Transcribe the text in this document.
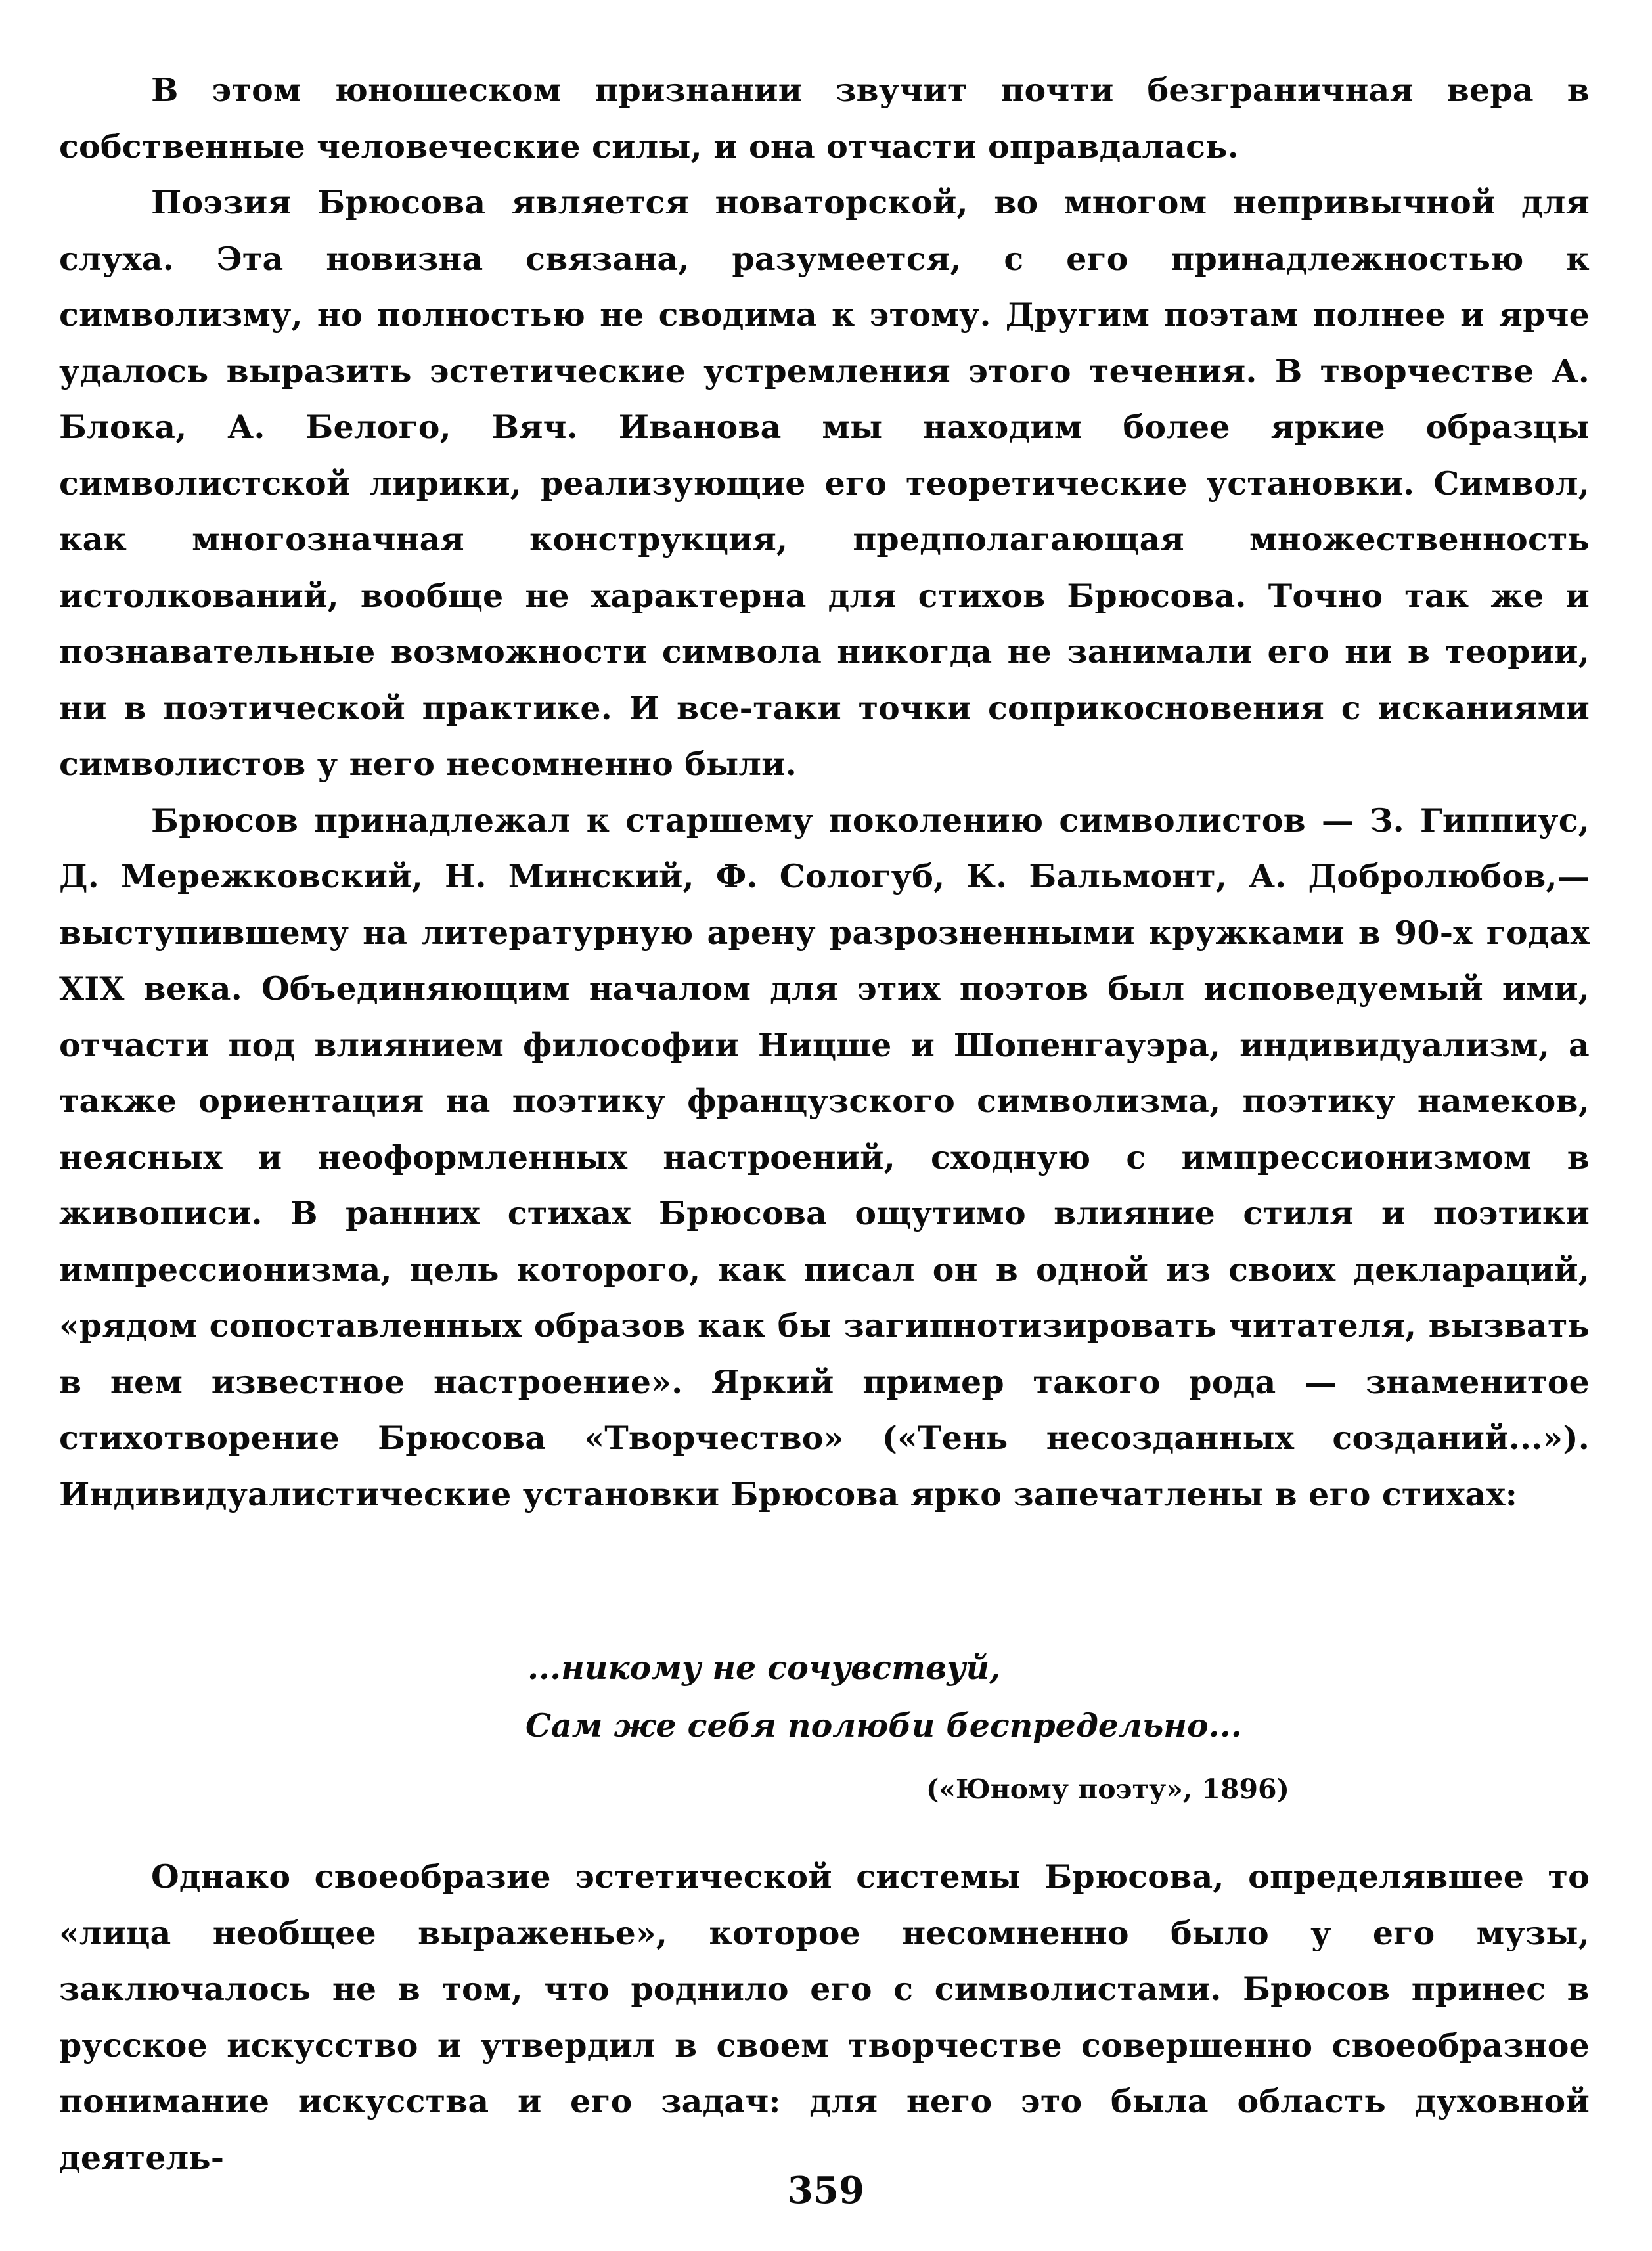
В этом юношеском признании звучит почти безграничная вера в собственные человеческие силы, и она отчасти оправдалась.

Поэзия Брюсова является новаторской, во многом непривычной для слуха. Эта новизна связана, разумеется, с его принадлежностью к символизму, но полностью не сводима к этому. Другим поэтам полнее и ярче удалось выразить эстетические устремления этого течения. В творчестве А. Блока, А. Белого, Вяч. Иванова мы находим более яркие образцы символистской лирики, реализующие его теоретические установки. Символ, как многозначная конструкция, предполагающая множественность истолкований, вообще не характерна для стихов Брюсова. Точно так же и познавательные возможности символа никогда не занимали его ни в теории, ни в поэтической практике. И все-таки точки соприкосновения с исканиями символистов у него несомненно были.

Брюсов принадлежал к старшему поколению символистов — З. Гиппиус, Д. Мережковский, Н. Минский, Ф. Сологуб, К. Бальмонт, А. Добролюбов,— выступившему на литературную арену разрозненными кружками в 90-х годах XIX века. Объединяющим началом для этих поэтов был исповедуемый ими, отчасти под влиянием философии Ницше и Шопенгауэра, индивидуализм, а также ориентация на поэтику французского символизма, поэтику намеков, неясных и неоформленных настроений, сходную с импрессионизмом в живописи. В ранних стихах Брюсова ощутимо влияние стиля и поэтики импрессионизма, цель которого, как писал он в одной из своих деклараций, «рядом сопоставленных образов как бы загипнотизировать читателя, вызвать в нем известное настроение». Яркий пример такого рода — знаменитое стихотворение Брюсова «Творчество» («Тень несозданных созданий...»). Индивидуалистические установки Брюсова ярко запечатлены в его стихах:

...никому не сочувствуй,
Сам же себя полюби беспредельно...
(«Юному поэту», 1896)

Однако своеобразие эстетической системы Брюсова, определявшее то «лица необщее выраженье», которое несомненно было у его музы, заключалось не в том, что роднило его с символистами. Брюсов принес в русское искусство и утвердил в своем творчестве совершенно своеобразное понимание искусства и его задач: для него это была область духовной деятель-

359
